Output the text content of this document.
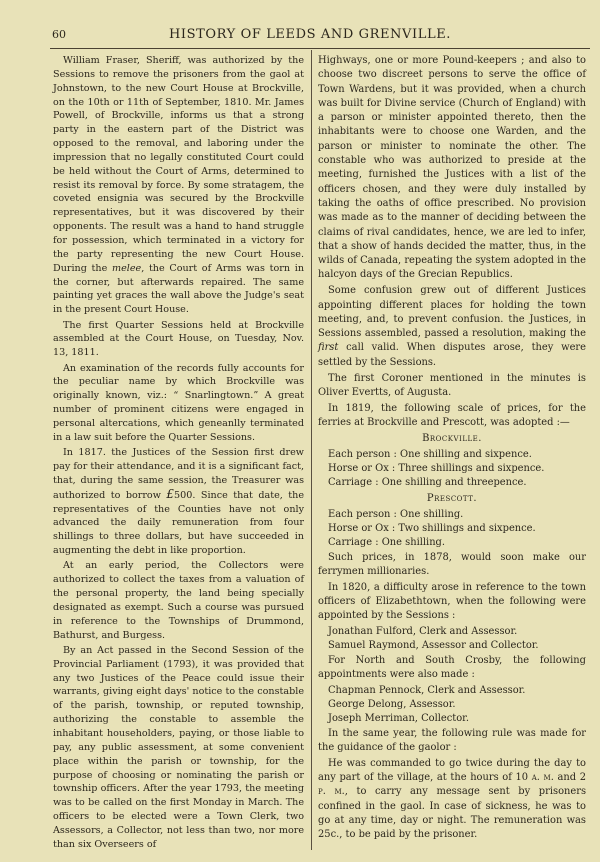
60	HISTORY OF LEEDS AND GRENVILLE.

William Fraser, Sheriff, was authorized by the Sessions to remove the prisoners from the gaol at Johnstown, to the new Court House at Brockville, on the 10th or 11th of September, 1810. Mr. James Powell, of Brockville, informs us that a strong party in the eastern part of the District was opposed to the removal, and laboring under the impression that no legally constituted Court could be held without the Court of Arms, determined to resist its removal by force. By some stratagem, the coveted ensignia was secured by the Brockville representatives, but it was discovered by their opponents. The result was a hand to hand struggle for possession, which terminated in a victory for the party representing the new Court House. During the melee, the Court of Arms was torn in the corner, but afterwards repaired. The same painting yet graces the wall above the Judge's seat in the present Court House.

The first Quarter Sessions held at Brockville assembled at the Court House, on Tuesday, Nov. 13, 1811.

An examination of the records fully accounts for the peculiar name by which Brockville was originally known, viz.: “ Snarlingtown.” A great number of prominent citizens were engaged in personal altercations, which geneanlly terminated in a law suit before the Quarter Sessions.

In 1817. the Justices of the Session first drew pay for their attendance, and it is a significant fact, that, during the same session, the Treasurer was authorized to borrow £500. Since that date, the representatives of the Counties have not only advanced the daily remuneration from four shillings to three dollars, but have succeeded in augmenting the debt in like proportion.

At an early period, the Collectors were authorized to collect the taxes from a valuation of the personal property, the land being specially designated as exempt. Such a course was pursued in reference to the Townships of Drummond, Bathurst, and Burgess.

By an Act passed in the Second Session of the Provincial Parliament (1793), it was provided that any two Justices of the Peace could issue their warrants, giving eight days' notice to the constable of the parish, township, or reputed township, authorizing the constable to assemble the inhabitant householders, paying, or those liable to pay, any public assessment, at some convenient place within the parish or township, for the purpose of choosing or nominating the parish or township officers. After the year 1793, the meeting was to be called on the first Monday in March. The officers to be elected were a Town Clerk, two Assessors, a Collector, not less than two, nor more than six Overseers of

Highways, one or more Pound-keepers ; and also to choose two discreet persons to serve the office of Town Wardens, but it was provided, when a church was built for Divine service (Church of England) with a parson or minister appointed thereto, then the inhabitants were to choose one Warden, and the parson or minister to nominate the other. The constable who was authorized to preside at the meeting, furnished the Justices with a list of the officers chosen, and they were duly installed by taking the oaths of office prescribed. No provision was made as to the manner of deciding between the claims of rival candidates, hence, we are led to infer, that a show of hands decided the matter, thus, in the wilds of Canada, repeating the system adopted in the halcyon days of the Grecian Republics.

Some confusion grew out of different Justices appointing different places for holding the town meeting, and, to prevent confusion. the Justices, in Sessions assembled, passed a resolution, making the first call valid. When disputes arose, they were settled by the Sessions.

The first Coroner mentioned in the minutes is Oliver Evertts, of Augusta.

In 1819, the following scale of prices, for the ferries at Brockville and Prescott, was adopted :—

Brockville.

Each person : One shilling and sixpence.

Horse or Ox : Three shillings and sixpence.

Carriage : One shilling and threepence.

Prescott.

Each person : One shilling.

Horse or Ox : Two shillings and sixpence.

Carriage : One shilling.

Such prices, in 1878, would soon make our ferrymen millionaries.

In 1820, a difficulty arose in reference to the town officers of Elizabethtown, when the following were appointed by the Sessions :

Jonathan Fulford, Clerk and Assessor.

Samuel Raymond, Assessor and Collector.

For North and South Crosby, the following appointments were also made :

Chapman Pennock, Clerk and Assessor.

George Delong, Assessor.

Joseph Merriman, Collector.

In the same year, the following rule was made for the guidance of the gaolor :

He was commanded to go twice during the day to any part of the village, at the hours of 10 a. m. and 2 p. m., to carry any message sent by prisoners confined in the gaol. In case of sickness, he was to go at any time, day or night. The remuneration was 25c., to be paid by the prisoner.
